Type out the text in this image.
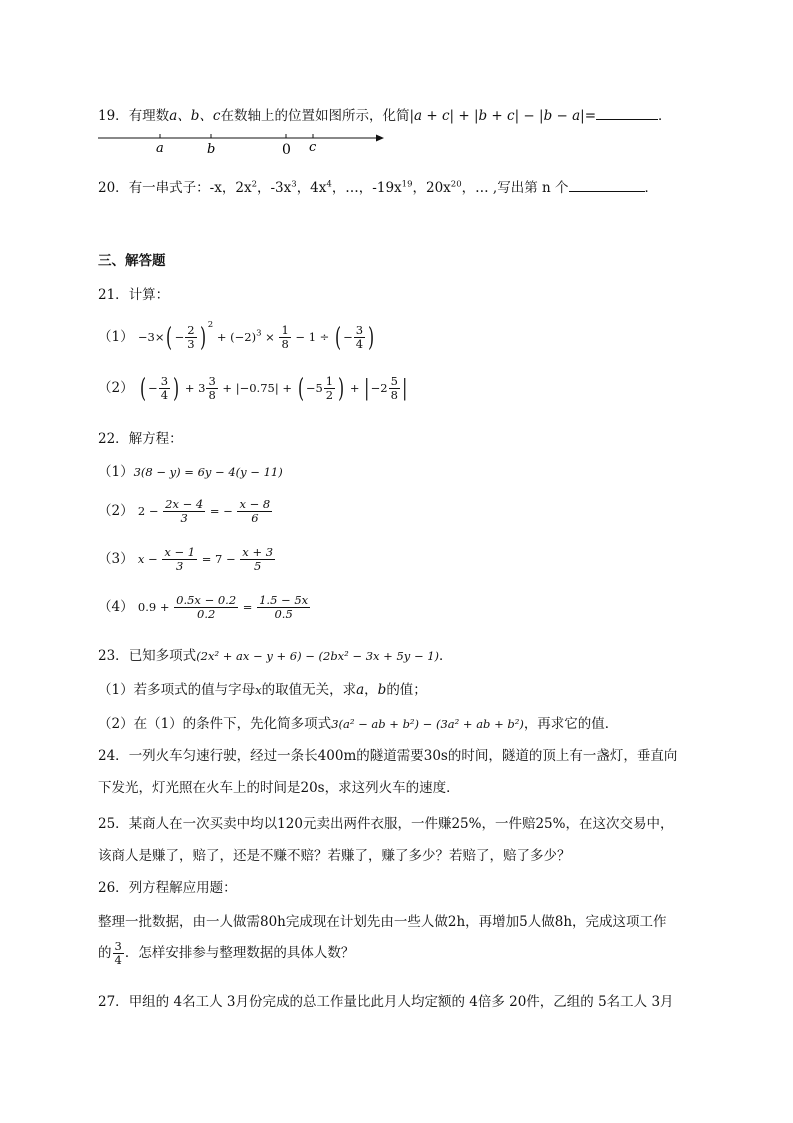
19．有理数a、b、c在数轴上的位置如图所示，化简|a + c| + |b + c| − |b − a|=	．
a	b	0 c
20．有一串式子：-x，$2x^2$，$-3x^3$，$4x^4$，…，$-19x^{19}$，$20x^{20}$，… ,写出第 n 个	．
三、解答题
21．计算：
$(1) -3\times( - \frac{2}{3}$ ) $^2 + (-2)^3 \times \frac{1}{8} - 1$ ÷ ( − $\frac{3}{4}$ )
（2） ( − $\frac{3}{4}$ ) + $3 \frac{3}{8} + |-0.75|$ + ( $-5 \frac{1}{2}$ ) + $|-2 \frac{5}{8}$ |
22．解方程：
（1）3(8 − y) = 6y − 4(y − 11)
（2） $2 - \frac{2x - 4}{3}$ = − $\frac{x - 8}{6}$
（3） $x - \frac{x - 1}{3} = 7 - \frac{x + 3}{5}$
（4） $0.9 + \frac{0.5x - 0.2}{0.2} = \frac{1.5 - 5x}{0.5}$
23．已知多项式(2x² + ax − y + 6) − (2bx² − 3x + 5y − 1)．
（1）若多项式的值与字母x的取值无关，求a，b的值；
（2）在（1）的条件下，先化简多项式3(a² − ab + b²) − (3a² + ab + b²)，再求它的值．
24．一列火车匀速行驶，经过一条长400m的隧道需要30s的时间，隧道的顶上有一盏灯，垂直向
下发光，灯光照在火车上的时间是20s，求这列火车的速度．
25．某商人在一次买卖中均以120元卖出两件衣服，一件赚25%，一件赔25%，在这次交易中，
该商人是赚了，赔了，还是不赚不赔？若赚了，赚了多少？若赔了，赔了多少？
26．列方程解应用题：
整理一批数据，由一人做需80h完成现在计划先由一些人做2h，再增加5人做8h，完成这项工作
的 $\frac{3}{4}$ ．怎样安排参与整理数据的具体人数？
27．甲组的 4名工人 3月份完成的总工作量比此月人均定额的 4倍多 20件，乙组的 5名工人 3月
